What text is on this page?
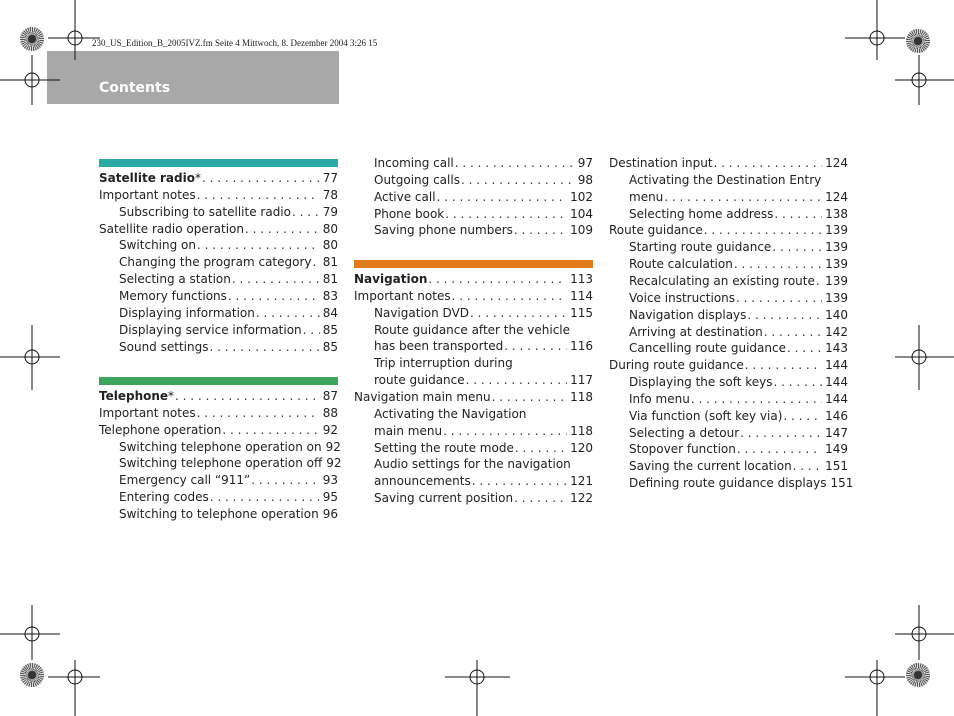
230_US_Edition_B_2005IVZ.fm Seite 4 Mittwoch, 8. Dezember 2004 3:26 15
Contents
Satellite radio * . . .	77
Important notes . . .	78
Subscribing to satellite radio . . .	79
Satellite radio operation . . .	80
Switching on . . .	80
Changing the program category . . . 81
Selecting a station . . .	81
Memory functions . . .	83
Displaying information . . .	84
Displaying service information . . . 85
Sound settings . . .	85
Telephone * . . .	87
Important notes . . .	88
Telephone operation . . .	92
Switching telephone operation on 92
Switching telephone operation off 92
Emergency call “911” . . .	93
Entering codes . . .	95
Switching to telephone operation . . . 96
Incoming call . . .	97
Outgoing calls . . .	98
Active call . . .	102
Phone book . . .	104
Saving phone numbers . . .	109
Navigation . . .	113
Important notes . . .	114
Navigation DVD . . .	115
Route guidance after the vehicle
has been transported . . .	116
Trip interruption during
route guidance . . .	117
Navigation main menu . . .	118
Activating the Navigation
main menu . . .	118
Setting the route mode . . .	120
Audio settings for the navigation
announcements . . .	121
Saving current position . . .	122
Destination input . . .	124
Activating the Destination Entry
menu . . .	124
Selecting home address . . .	138
Route guidance . . .	139
Starting route guidance . . .	139
Route calculation . . .	139
Recalculating an existing route . . . 139
Voice instructions . . .	139
Navigation displays . . .	140
Arriving at destination . . .	142
Cancelling route guidance . . .	143
During route guidance . . .	144
Displaying the soft keys . . .	144
Info menu . . .	144
Via function (soft key via) . . .	146
Selecting a detour . . .	147
Stopover function . . .	149
Saving the current location . . .	151
Defining route guidance displays 151
